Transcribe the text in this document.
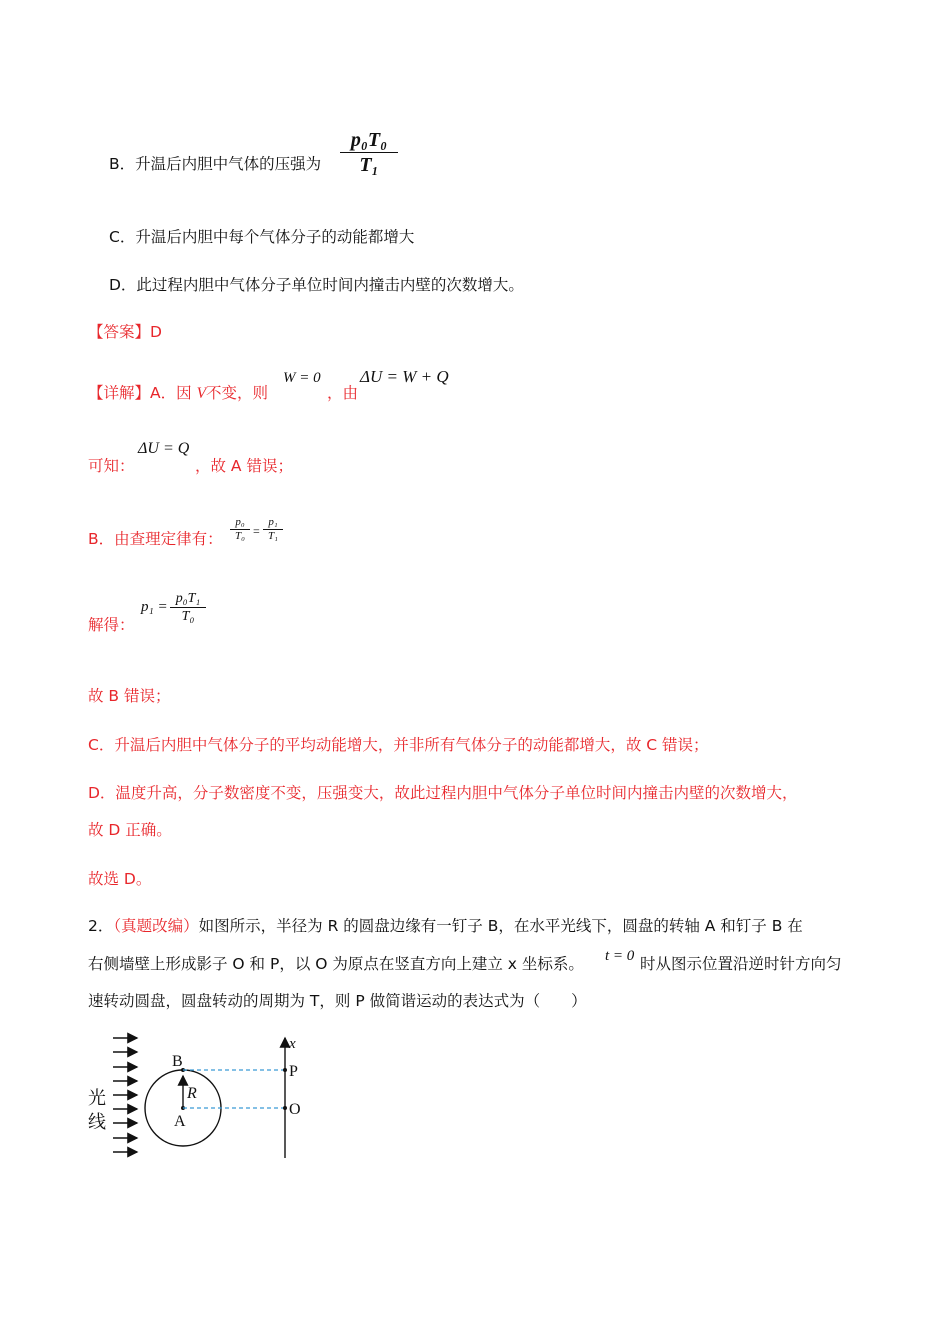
B．升温后内胆中气体的压强为
p₀T₀
T₁
C．升温后内胆中每个气体分子的动能都增大
D．此过程内胆中气体分子单位时间内撞击内壁的次数增大。
【答案】D
【详解】A．因 V不变，则
W = 0
，由
ΔU = W + Q
可知：
ΔU = Q
，故 A 错误；
B．由查理定律有：
p₀
T₀ =
p₁
T₁
解得：
p₁ =
p₀T₁
T₀
故 B 错误；
C．升温后内胆中气体分子的平均动能增大，并非所有气体分子的动能都增大，故 C 错误；
D．温度升高，分子数密度不变，压强变大，故此过程内胆中气体分子单位时间内撞击内壁的次数增大，
故 D 正确。
故选 D。
2．（真题改编）如图所示，半径为 R 的圆盘边缘有一钉子 B，在水平光线下，圆盘的转轴 A 和钉子 B 在
右侧墙壁上形成影子 O 和 P，以 O 为原点在竖直方向上建立 x 坐标系。 t = 0 时从图示位置沿逆时针方向匀
速转动圆盘，圆盘转动的周期为 T，则 P 做简谐运动的表达式为（　　）
光
线
B
A
R
x
P
O
